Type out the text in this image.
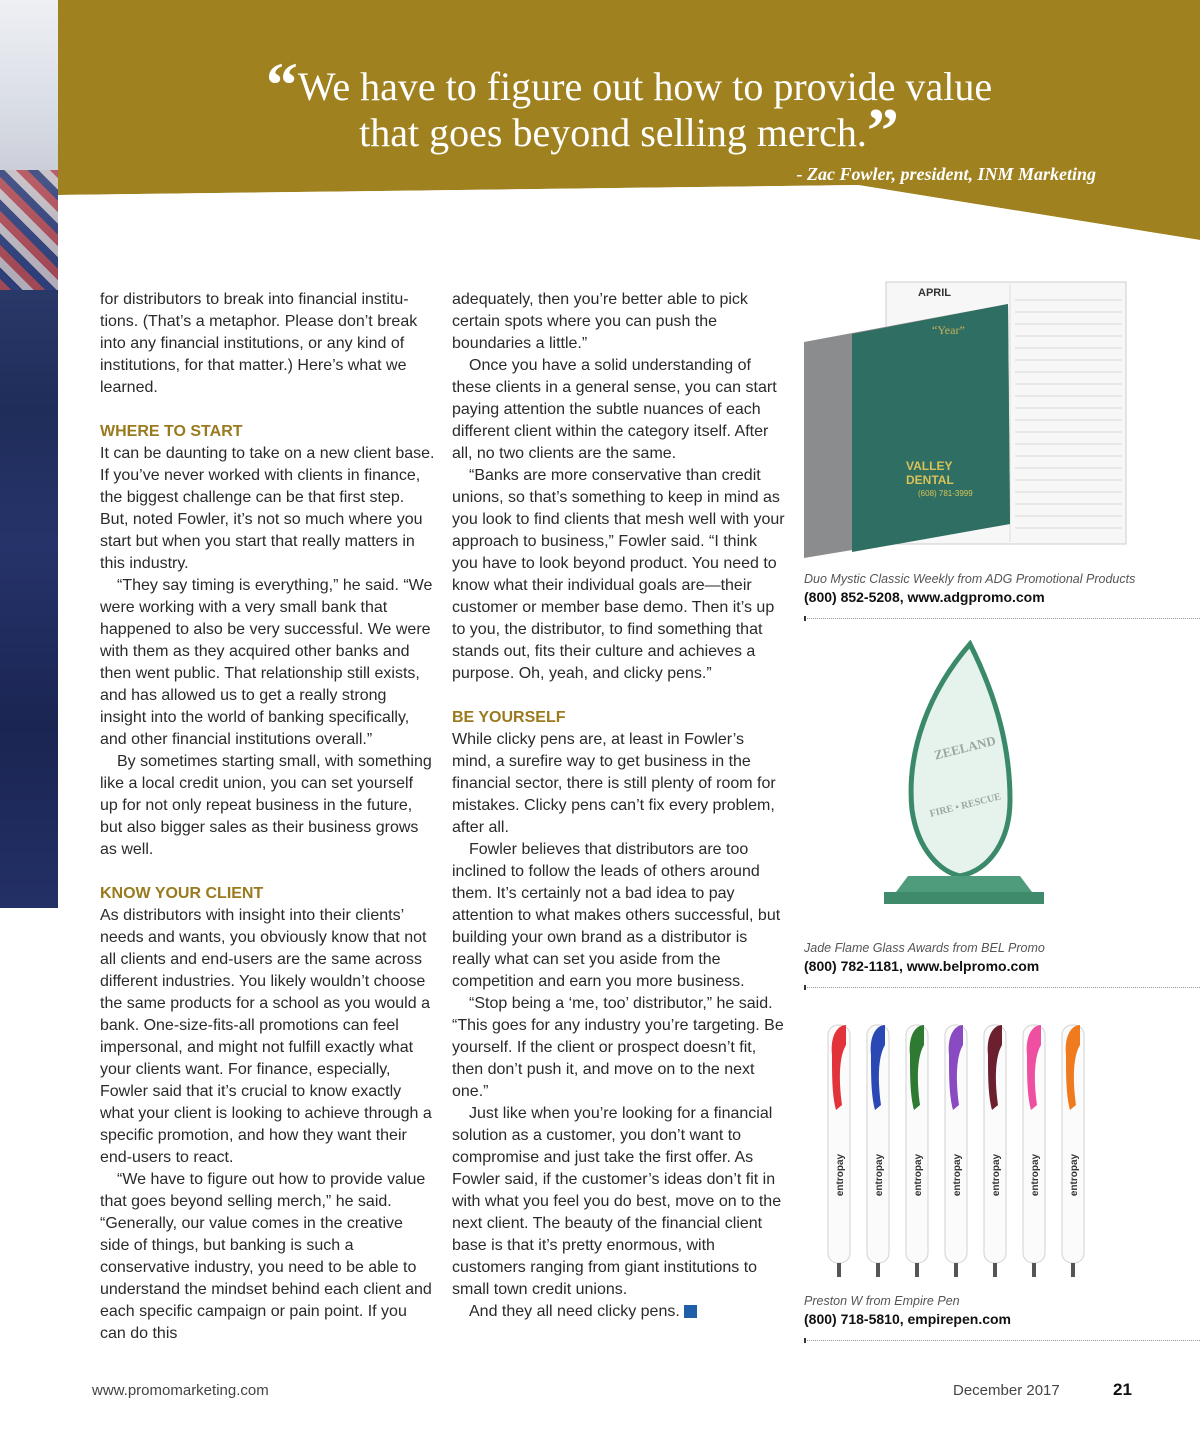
“We have to figure out how to provide value
that goes beyond selling merch.”
- Zac Fowler, president, INM Marketing

for distributors to break into financial institutions. (That’s a metaphor. Please don’t break into any financial institutions, or any kind of institutions, for that matter.) Here’s what we learned.

WHERE TO START

It can be daunting to take on a new client base. If you’ve never worked with clients in finance, the biggest challenge can be that first step. But, noted Fowler, it’s not so much where you start but when you start that really matters in this industry.

“They say timing is everything,” he said. “We were working with a very small bank that happened to also be very successful. We were with them as they acquired other banks and then went public. That relationship still exists, and has allowed us to get a really strong insight into the world of banking specifically, and other financial institutions overall.”

By sometimes starting small, with something like a local credit union, you can set yourself up for not only repeat business in the future, but also bigger sales as their business grows as well.

KNOW YOUR CLIENT

As distributors with insight into their clients’ needs and wants, you obviously know that not all clients and end-users are the same across different industries. You likely wouldn’t choose the same products for a school as you would a bank. One-size-fits-all promotions can feel impersonal, and might not fulfill exactly what your clients want. For finance, especially, Fowler said that it’s crucial to know exactly what your client is looking to achieve through a specific promotion, and how they want their end-users to react.

“We have to figure out how to provide value that goes beyond selling merch,” he said. “Generally, our value comes in the creative side of things, but banking is such a conservative industry, you need to be able to understand the mindset behind each client and each specific campaign or pain point. If you can do this

adequately, then you’re better able to pick certain spots where you can push the boundaries a little.”

Once you have a solid understanding of these clients in a general sense, you can start paying attention the subtle nuances of each different client within the category itself. After all, no two clients are the same.

“Banks are more conservative than credit unions, so that’s something to keep in mind as you look to find clients that mesh well with your approach to business,” Fowler said. “I think you have to look beyond product. You need to know what their individual goals are—their customer or member base demo. Then it’s up to you, the distributor, to find something that stands out, fits their culture and achieves a purpose. Oh, yeah, and clicky pens.”

BE YOURSELF

While clicky pens are, at least in Fowler’s mind, a surefire way to get business in the financial sector, there is still plenty of room for mistakes. Clicky pens can’t fix every problem, after all.

Fowler believes that distributors are too inclined to follow the leads of others around them. It’s certainly not a bad idea to pay attention to what makes others successful, but building your own brand as a distributor is really what can set you aside from the competition and earn you more business.

“Stop being a ‘me, too’ distributor,” he said. “This goes for any industry you’re targeting. Be yourself. If the client or prospect doesn’t fit, then don’t push it, and move on to the next one.”

Just like when you’re looking for a financial solution as a customer, you don’t want to compromise and just take the first offer. As Fowler said, if the customer’s ideas don’t fit in with what you feel you do best, move on to the next client. The beauty of the financial client base is that it’s pretty enormous, with customers ranging from giant institutions to small town credit unions.

And they all need clicky pens.	pm

APRIL
“Year”
VALLEY
DENTAL
(608) 781-3999
Duo Mystic Classic Weekly from ADG Promotional Products
(800) 852-5208, www.adgpromo.com
ZEELAND
FIRE • RESCUE
Jade Flame Glass Awards from BEL Promo
(800) 782-1181, www.belpromo.com
entropay	entropay	entropay	entropay	entropay	entropay	entropay
Preston W from Empire Pen
(800) 718-5810, empirepen.com
www.promomarketing.com	December 2017	21
